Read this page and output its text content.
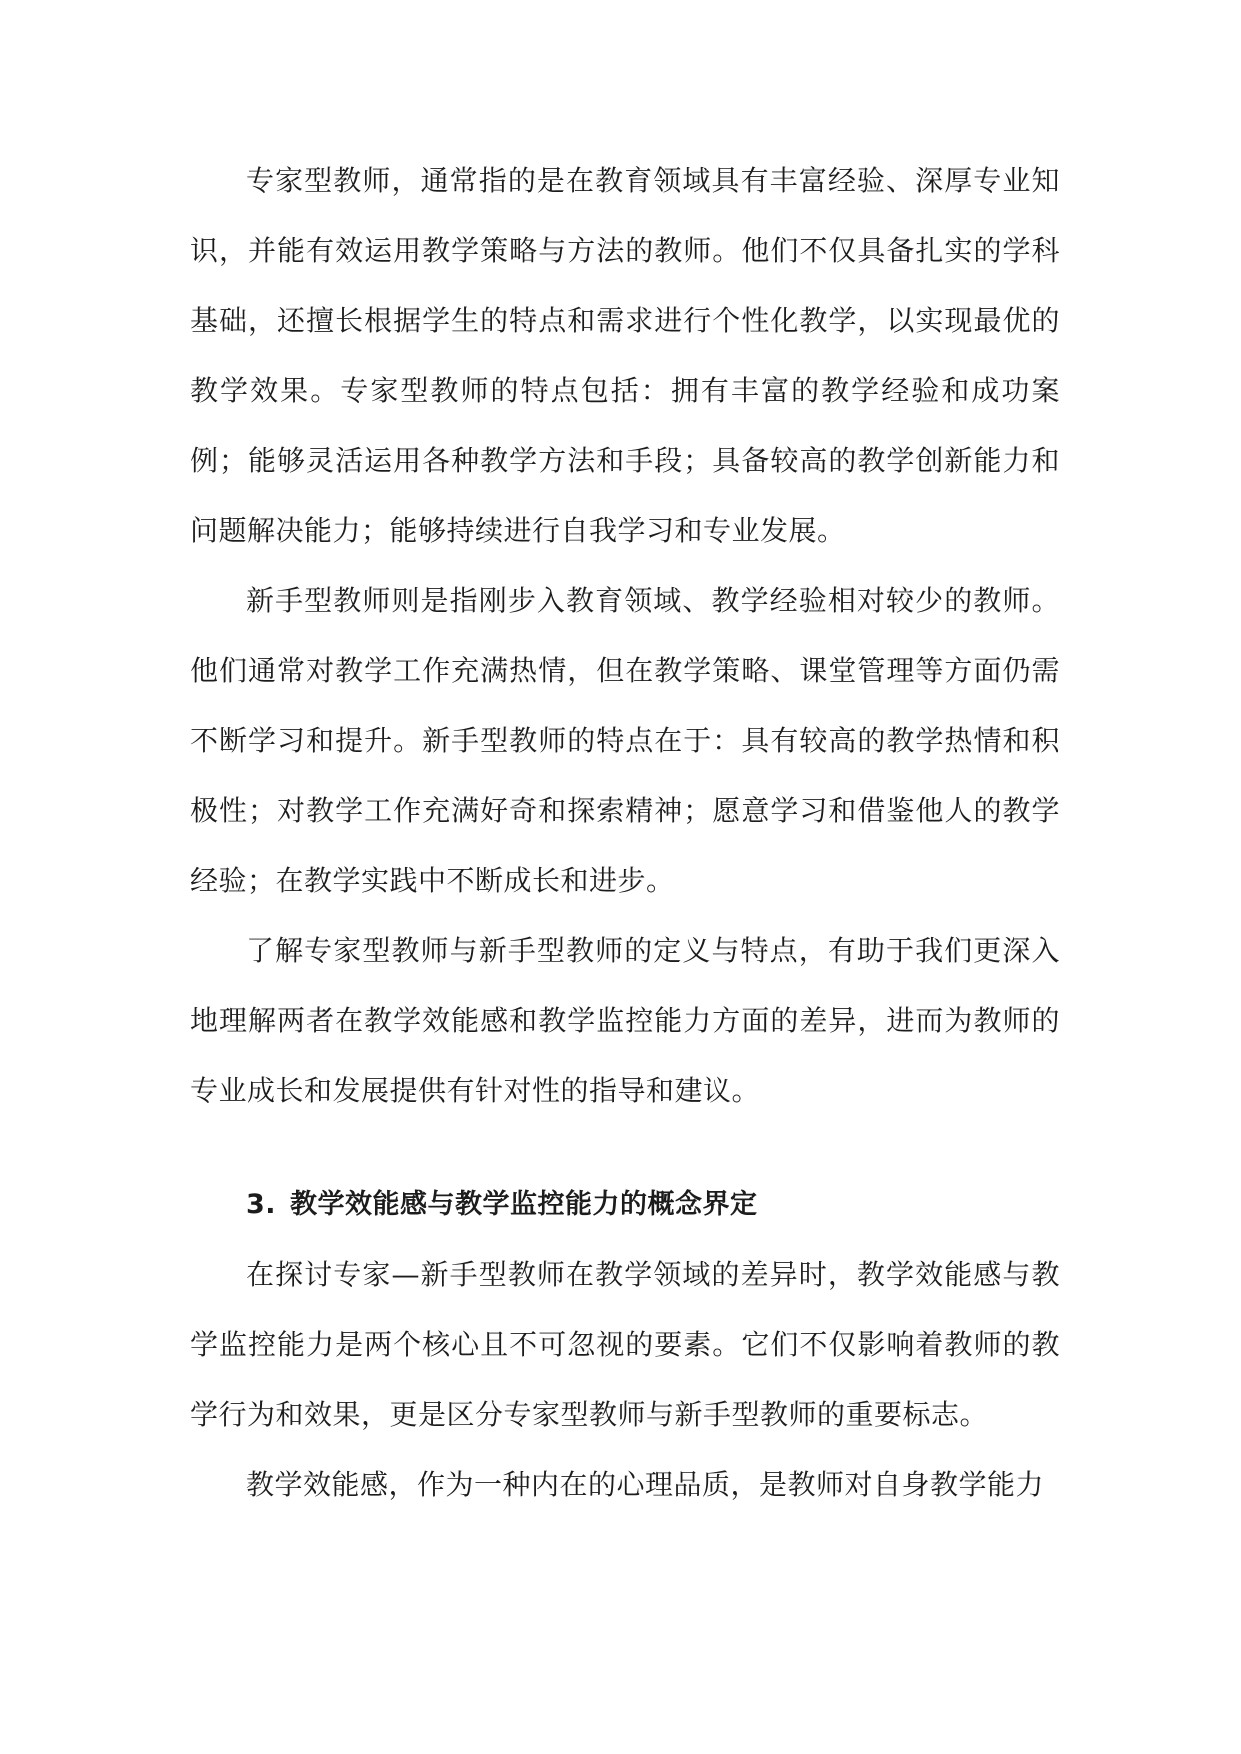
专家型教师，通常指的是在教育领域具有丰富经验、深厚专业知识，并能有效运用教学策略与方法的教师。他们不仅具备扎实的学科基础，还擅长根据学生的特点和需求进行个性化教学，以实现最优的教学效果。专家型教师的特点包括：拥有丰富的教学经验和成功案例；能够灵活运用各种教学方法和手段；具备较高的教学创新能力和问题解决能力；能够持续进行自我学习和专业发展。

新手型教师则是指刚步入教育领域、教学经验相对较少的教师。他们通常对教学工作充满热情，但在教学策略、课堂管理等方面仍需不断学习和提升。新手型教师的特点在于：具有较高的教学热情和积极性；对教学工作充满好奇和探索精神；愿意学习和借鉴他人的教学经验；在教学实践中不断成长和进步。

了解专家型教师与新手型教师的定义与特点，有助于我们更深入地理解两者在教学效能感和教学监控能力方面的差异，进而为教师的专业成长和发展提供有针对性的指导和建议。

3. 教学效能感与教学监控能力的概念界定

在探讨专家—新手型教师在教学领域的差异时，教学效能感与教学监控能力是两个核心且不可忽视的要素。它们不仅影响着教师的教学行为和效果，更是区分专家型教师与新手型教师的重要标志。

教学效能感，作为一种内在的心理品质，是教师对自身教学能力
